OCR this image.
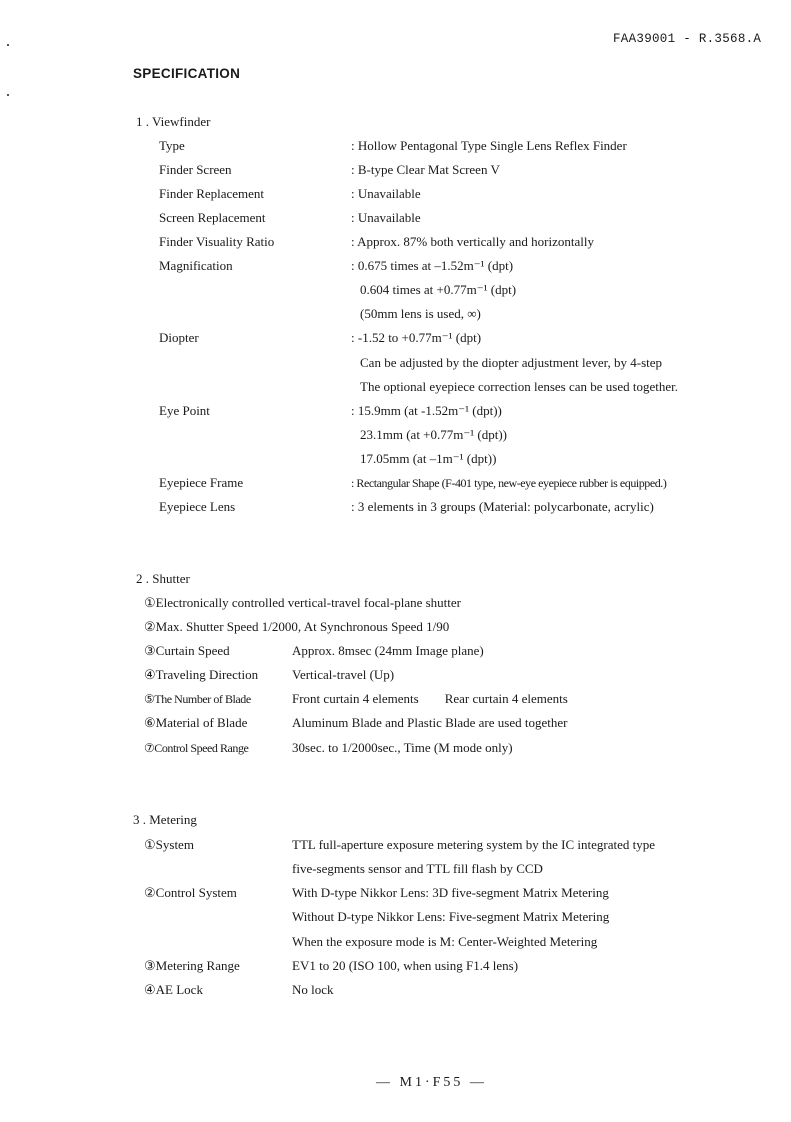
FAA39001 - R.3568.A
SPECIFICATION
1 . Viewfinder
Type	: Hollow Pentagonal Type Single Lens Reflex Finder
Finder Screen	: B-type Clear Mat Screen V
Finder Replacement	: Unavailable
Screen Replacement	: Unavailable
Finder Visuality Ratio	: Approx. 87% both vertically and horizontally
Magnification	: 0.675 times at –1.52m⁻¹ (dpt)
0.604 times at +0.77m⁻¹ (dpt)
(50mm lens is used, ∞)
Diopter	: -1.52 to +0.77m⁻¹ (dpt)
Can be adjusted by the diopter adjustment lever, by 4-step
The optional eyepiece correction lenses can be used together.
Eye Point	: 15.9mm (at -1.52m⁻¹ (dpt))
23.1mm (at +0.77m⁻¹ (dpt))
17.05mm (at –1m⁻¹ (dpt))
Eyepiece Frame	: Rectangular Shape (F-401 type, new-eye eyepiece rubber is equipped.)
Eyepiece Lens	: 3 elements in 3 groups (Material: polycarbonate, acrylic)
2 . Shutter
①Electronically controlled vertical-travel focal-plane shutter
②Max. Shutter Speed 1/2000, At Synchronous Speed 1/90
③Curtain Speed	Approx. 8msec (24mm Image plane)
④Traveling Direction	Vertical-travel (Up)
⑤The Number of Blade	Front curtain 4 elements  Rear curtain 4 elements
⑥Material of Blade	Aluminum Blade and Plastic Blade are used together
⑦Control Speed Range	30sec. to 1/2000sec., Time (M mode only)
3 . Metering
①System	TTL full-aperture exposure metering system by the IC integrated type
five-segments sensor and TTL fill flash by CCD
②Control System	With D-type Nikkor Lens: 3D five-segment Matrix Metering
Without D-type Nikkor Lens: Five-segment Matrix Metering
When the exposure mode is M: Center-Weighted Metering
③Metering Range	EV1 to 20 (ISO 100, when using F1.4 lens)
④AE Lock	No lock
— M1·F55 —
